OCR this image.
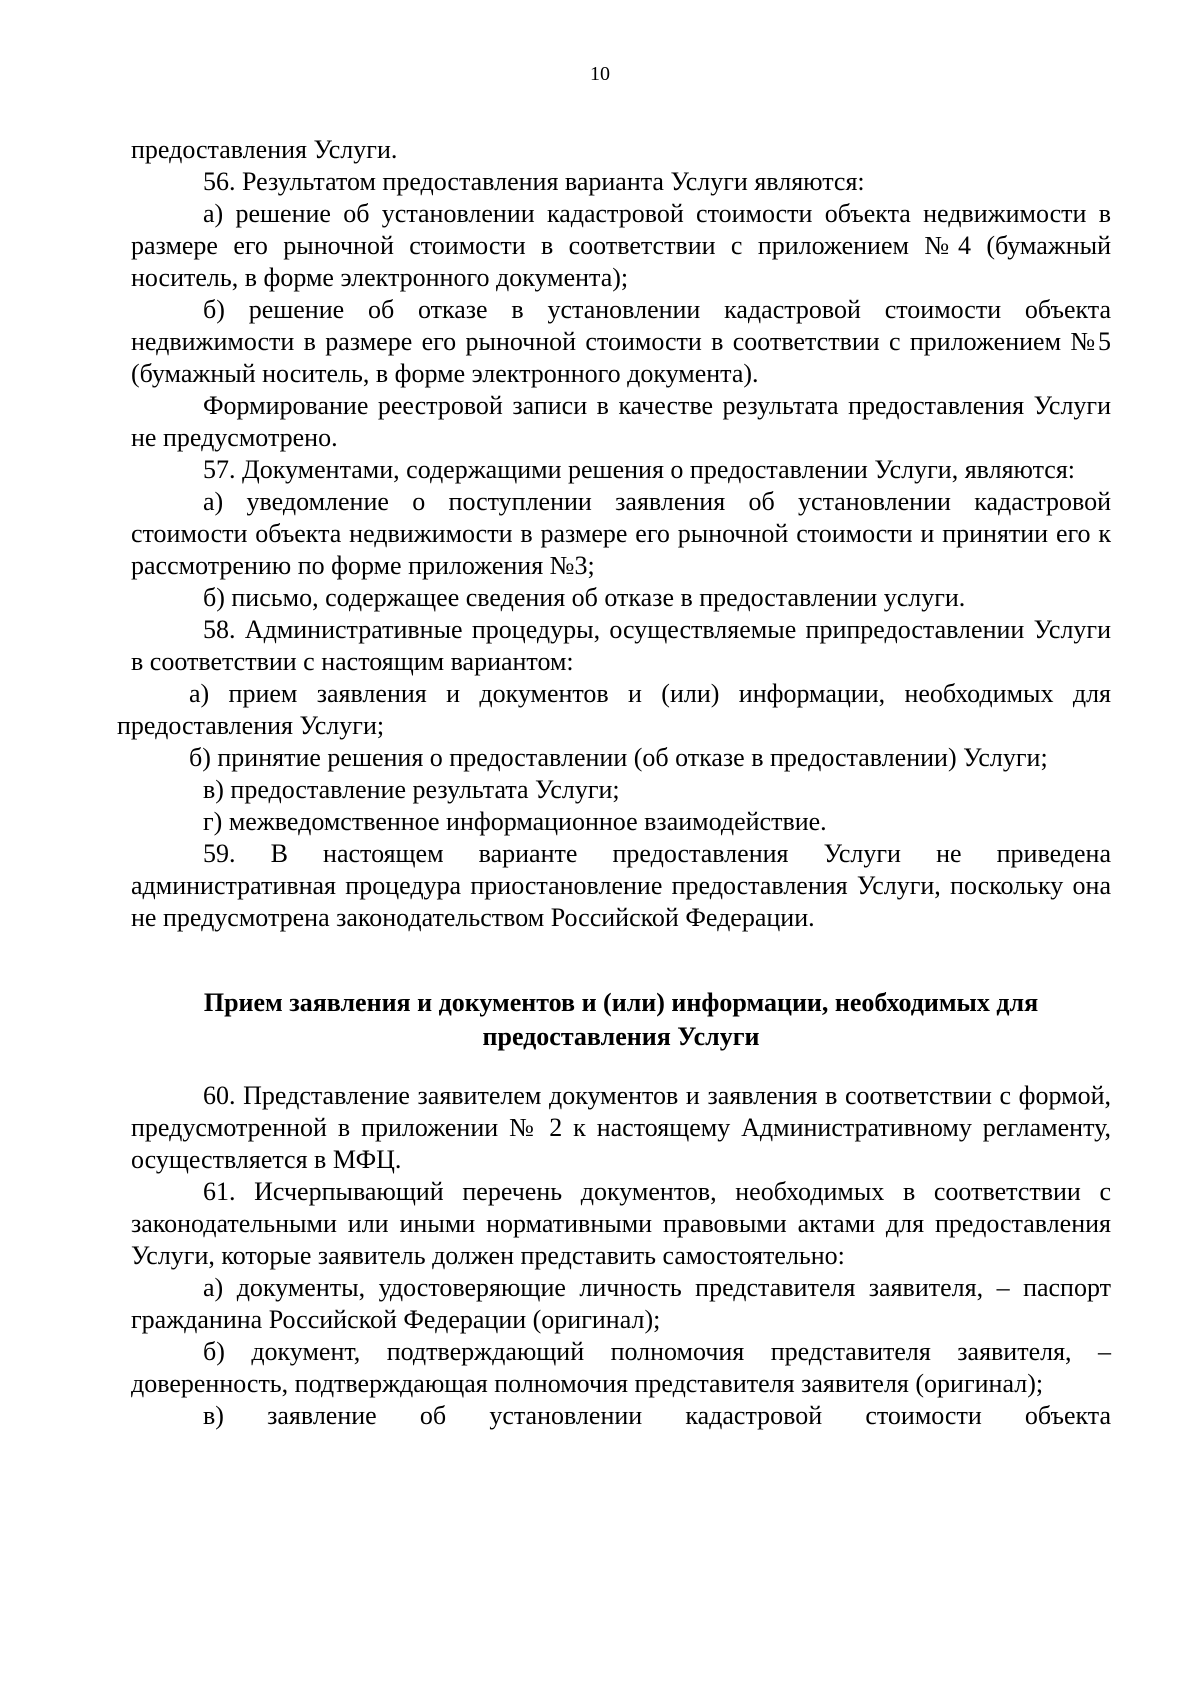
10

предоставления Услуги.

56. Результатом предоставления варианта Услуги являются:

а) решение об установлении кадастровой стоимости объекта недвижимости в размере его рыночной стоимости в соответствии с приложением №4 (бумажный носитель, в форме электронного документа);

б) решение об отказе в установлении кадастровой стоимости объекта недвижимости в размере его рыночной стоимости в соответствии с приложением №5 (бумажный носитель, в форме электронного документа).

Формирование реестровой записи в качестве результата предоставления Услуги не предусмотрено.

57. Документами, содержащими решения о предоставлении Услуги, являются:

а) уведомление о поступлении заявления об установлении кадастровой стоимости объекта недвижимости в размере его рыночной стоимости и принятии его к рассмотрению по форме приложения №3;

б) письмо, содержащее сведения об отказе в предоставлении услуги.

58. Административные процедуры, осуществляемые припредоставлении Услуги в соответствии с настоящим вариантом:

а) прием заявления и документов и (или) информации, необходимых для предоставления Услуги;

б) принятие решения о предоставлении (об отказе в предоставлении) Услуги;

в) предоставление результата Услуги;

г) межведомственное информационное взаимодействие.

59. В настоящем варианте предоставления Услуги не приведена административная процедура приостановление предоставления Услуги, поскольку она не предусмотрена законодательством Российской Федерации.

Прием заявления и документов и (или) информации, необходимых для
предоставления Услуги

60. Представление заявителем документов и заявления в соответствии с формой, предусмотренной в приложении № 2 к настоящему Административному регламенту, осуществляется в МФЦ.

61. Исчерпывающий перечень документов, необходимых в соответствии с законодательными или иными нормативными правовыми актами для предоставления Услуги, которые заявитель должен представить самостоятельно:

а) документы, удостоверяющие личность представителя заявителя, – паспорт гражданина Российской Федерации (оригинал);

б) документ, подтверждающий полномочия представителя заявителя, – доверенность, подтверждающая полномочия представителя заявителя (оригинал);

в) заявление об установлении кадастровой стоимости объекта
